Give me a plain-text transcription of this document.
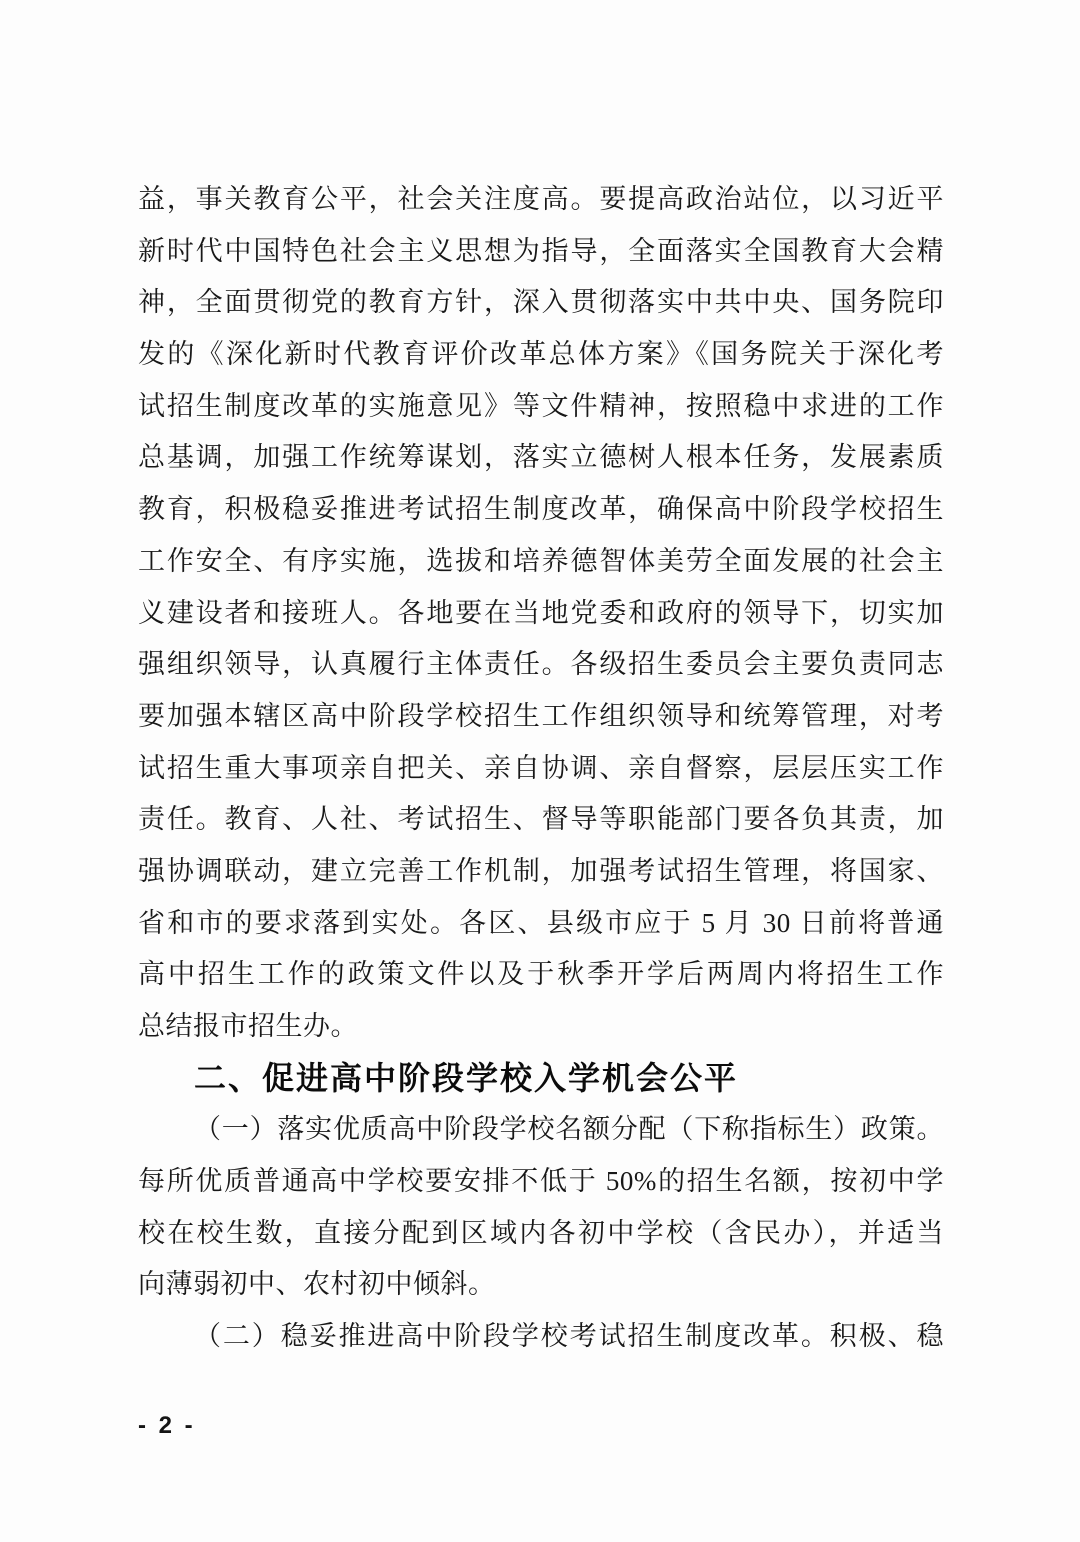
益，事关教育公平，社会关注度高。要提高政治站位，以习近平
新时代中国特色社会主义思想为指导，全面落实全国教育大会精
神，全面贯彻党的教育方针，深入贯彻落实中共中央、国务院印
发的《深化新时代教育评价改革总体方案》《国务院关于深化考
试招生制度改革的实施意见》等文件精神，按照稳中求进的工作
总基调，加强工作统筹谋划，落实立德树人根本任务，发展素质
教育，积极稳妥推进考试招生制度改革，确保高中阶段学校招生
工作安全、有序实施，选拔和培养德智体美劳全面发展的社会主
义建设者和接班人。各地要在当地党委和政府的领导下，切实加
强组织领导，认真履行主体责任。各级招生委员会主要负责同志
要加强本辖区高中阶段学校招生工作组织领导和统筹管理，对考
试招生重大事项亲自把关、亲自协调、亲自督察，层层压实工作
责任。教育、人社、考试招生、督导等职能部门要各负其责，加
强协调联动，建立完善工作机制，加强考试招生管理，将国家、
省和市的要求落到实处。各区、县级市应于 5 月 30 日前将普通
高中招生工作的政策文件以及于秋季开学后两周内将招生工作
总结报市招生办。
二、促进高中阶段学校入学机会公平
（一）落实优质高中阶段学校名额分配（下称指标生）政策。
每所优质普通高中学校要安排不低于 50%的招生名额，按初中学
校在校生数，直接分配到区域内各初中学校（含民办），并适当
向薄弱初中、农村初中倾斜。
（二）稳妥推进高中阶段学校考试招生制度改革。积极、稳
- 2 -
